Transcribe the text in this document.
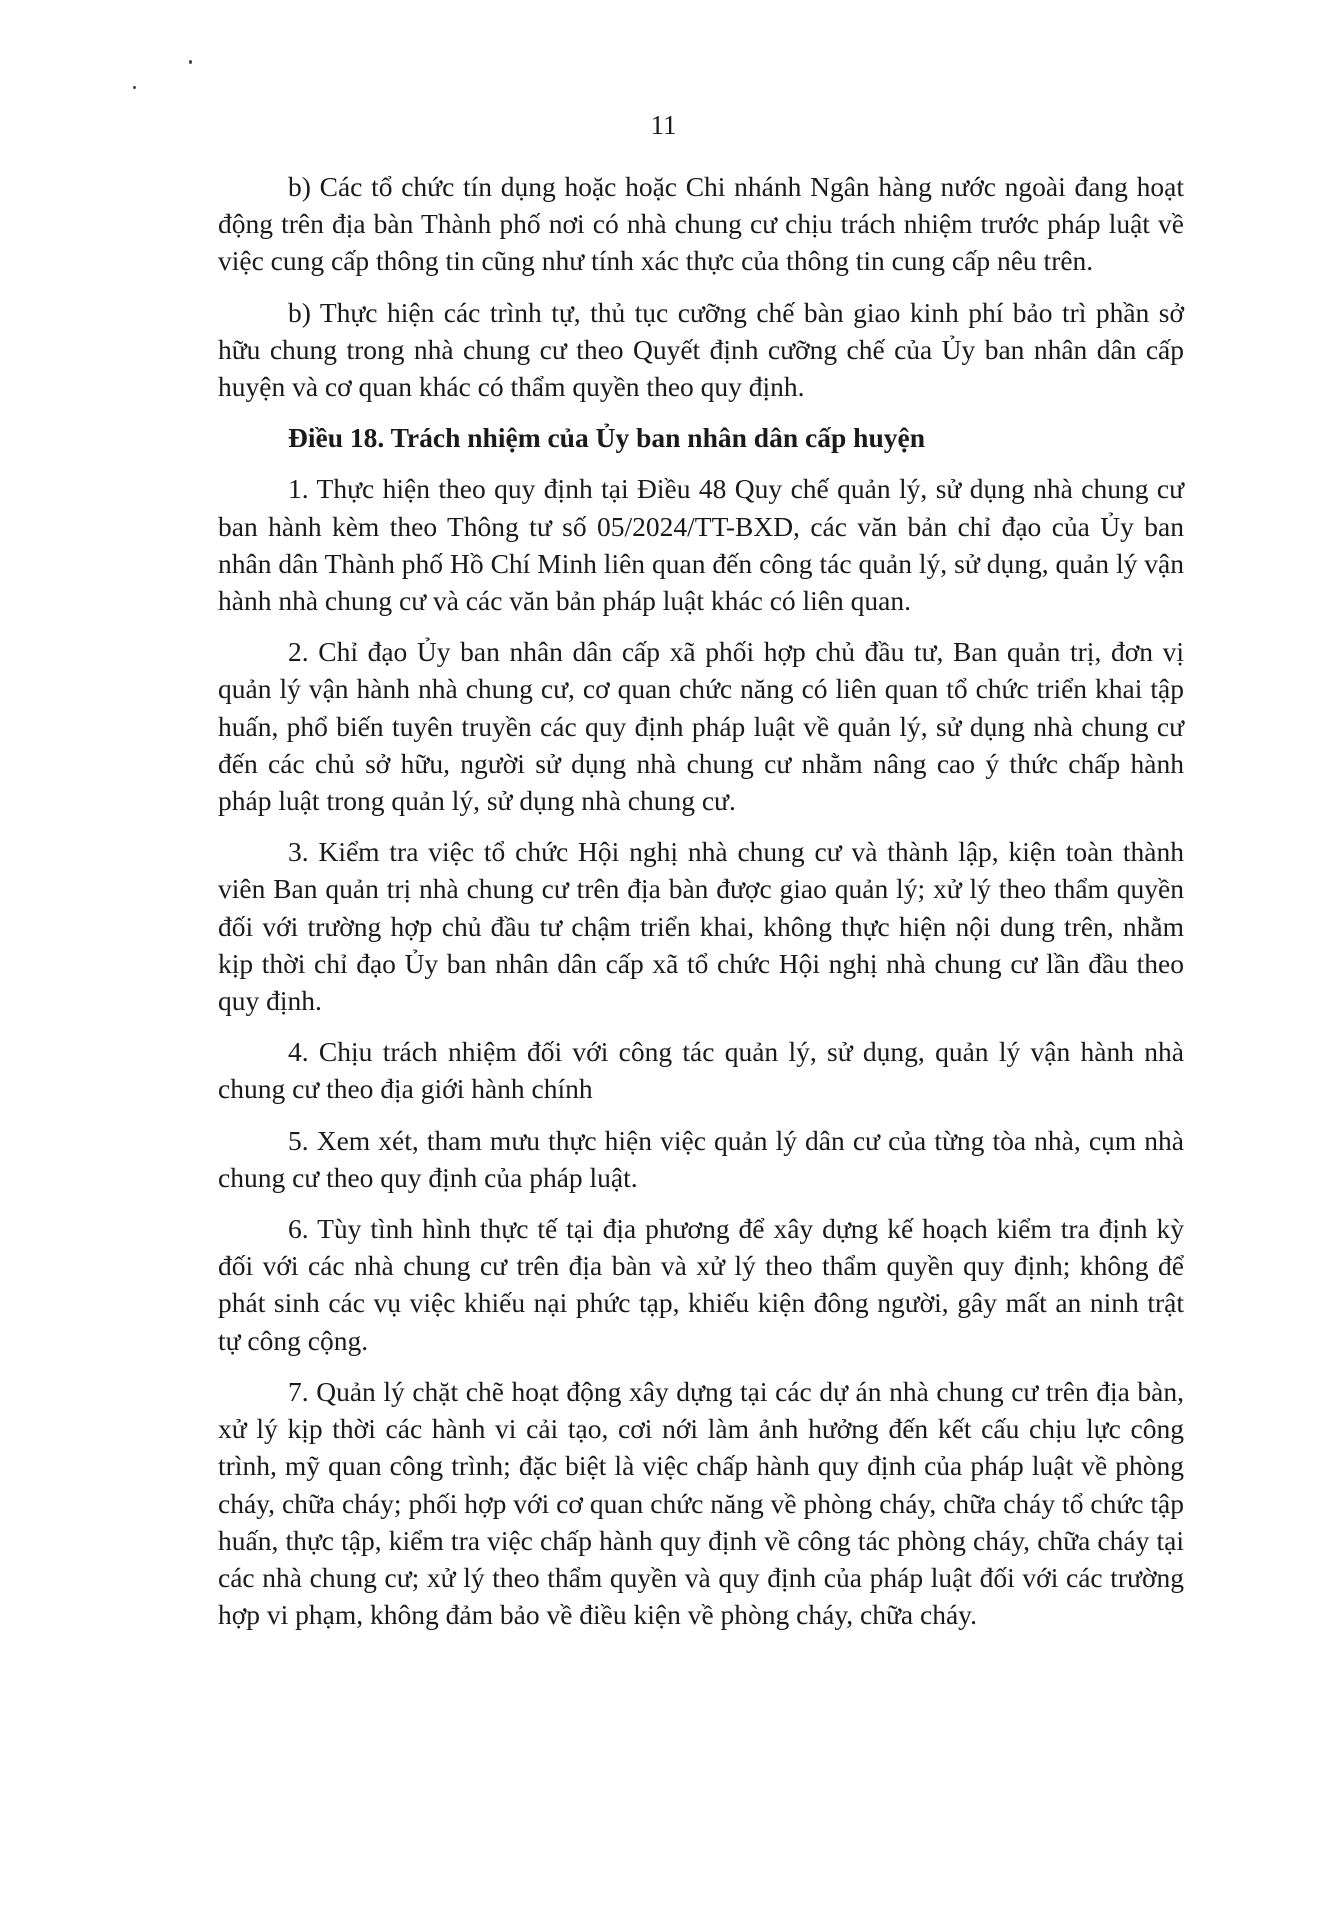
11

b) Các tổ chức tín dụng hoặc hoặc Chi nhánh Ngân hàng nước ngoài đang hoạt động trên địa bàn Thành phố nơi có nhà chung cư chịu trách nhiệm trước pháp luật về việc cung cấp thông tin cũng như tính xác thực của thông tin cung cấp nêu trên.

b) Thực hiện các trình tự, thủ tục cưỡng chế bàn giao kinh phí bảo trì phần sở hữu chung trong nhà chung cư theo Quyết định cưỡng chế của Ủy ban nhân dân cấp huyện và cơ quan khác có thẩm quyền theo quy định.

Điều 18. Trách nhiệm của Ủy ban nhân dân cấp huyện

1. Thực hiện theo quy định tại Điều 48 Quy chế quản lý, sử dụng nhà chung cư ban hành kèm theo Thông tư số 05/2024/TT-BXD, các văn bản chỉ đạo của Ủy ban nhân dân Thành phố Hồ Chí Minh liên quan đến công tác quản lý, sử dụng, quản lý vận hành nhà chung cư và các văn bản pháp luật khác có liên quan.

2. Chỉ đạo Ủy ban nhân dân cấp xã phối hợp chủ đầu tư, Ban quản trị, đơn vị quản lý vận hành nhà chung cư, cơ quan chức năng có liên quan tổ chức triển khai tập huấn, phổ biến tuyên truyền các quy định pháp luật về quản lý, sử dụng nhà chung cư đến các chủ sở hữu, người sử dụng nhà chung cư nhằm nâng cao ý thức chấp hành pháp luật trong quản lý, sử dụng nhà chung cư.

3. Kiểm tra việc tổ chức Hội nghị nhà chung cư và thành lập, kiện toàn thành viên Ban quản trị nhà chung cư trên địa bàn được giao quản lý; xử lý theo thẩm quyền đối với trường hợp chủ đầu tư chậm triển khai, không thực hiện nội dung trên, nhằm kịp thời chỉ đạo Ủy ban nhân dân cấp xã tổ chức Hội nghị nhà chung cư lần đầu theo quy định.

4. Chịu trách nhiệm đối với công tác quản lý, sử dụng, quản lý vận hành nhà chung cư theo địa giới hành chính

5. Xem xét, tham mưu thực hiện việc quản lý dân cư của từng tòa nhà, cụm nhà chung cư theo quy định của pháp luật.

6. Tùy tình hình thực tế tại địa phương để xây dựng kế hoạch kiểm tra định kỳ đối với các nhà chung cư trên địa bàn và xử lý theo thẩm quyền quy định; không để phát sinh các vụ việc khiếu nại phức tạp, khiếu kiện đông người, gây mất an ninh trật tự công cộng.

7. Quản lý chặt chẽ hoạt động xây dựng tại các dự án nhà chung cư trên địa bàn, xử lý kịp thời các hành vi cải tạo, cơi nới làm ảnh hưởng đến kết cấu chịu lực công trình, mỹ quan công trình; đặc biệt là việc chấp hành quy định của pháp luật về phòng cháy, chữa cháy; phối hợp với cơ quan chức năng về phòng cháy, chữa cháy tổ chức tập huấn, thực tập, kiểm tra việc chấp hành quy định về công tác phòng cháy, chữa cháy tại các nhà chung cư; xử lý theo thẩm quyền và quy định của pháp luật đối với các trường hợp vi phạm, không đảm bảo về điều kiện về phòng cháy, chữa cháy.
